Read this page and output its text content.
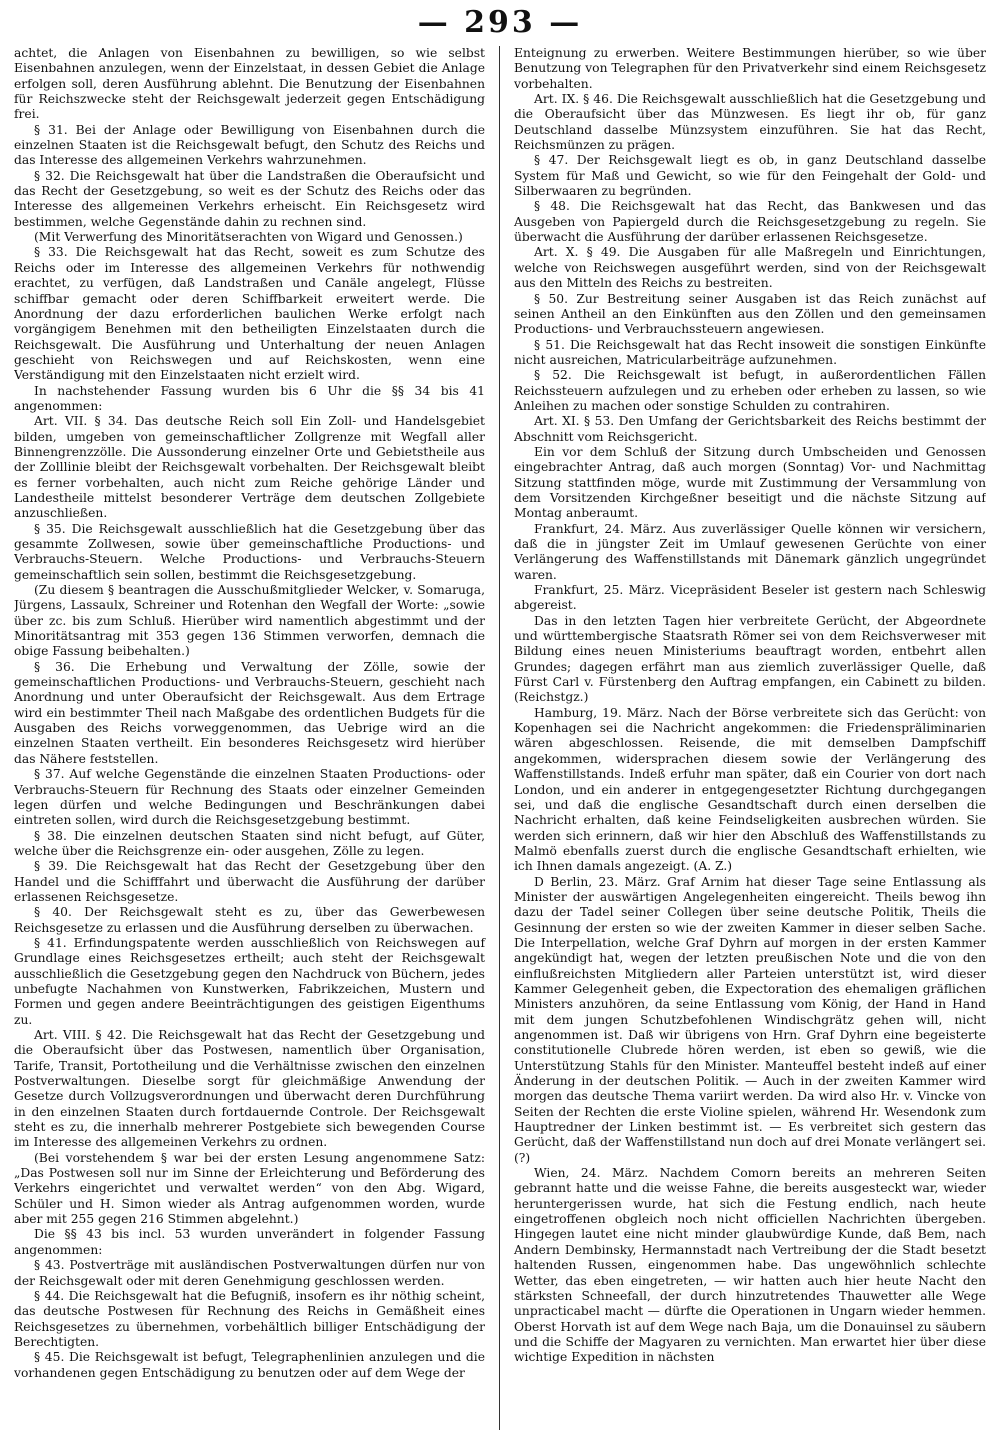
— 293 —

achtet, die Anlagen von Eisenbahnen zu bewilligen, so wie selbst Eisenbahnen anzulegen, wenn der Einzelstaat, in dessen Gebiet die Anlage erfolgen soll, deren Ausführung ablehnt. Die Benutzung der Eisenbahnen für Reichszwecke steht der Reichsgewalt jederzeit gegen Entschädigung frei.

§ 31. Bei der Anlage oder Bewilligung von Eisenbahnen durch die einzelnen Staaten ist die Reichsgewalt befugt, den Schutz des Reichs und das Interesse des allgemeinen Verkehrs wahrzunehmen.

§ 32. Die Reichsgewalt hat über die Landstraßen die Oberaufsicht und das Recht der Gesetzgebung, so weit es der Schutz des Reichs oder das Interesse des allgemeinen Verkehrs erheischt. Ein Reichsgesetz wird bestimmen, welche Gegenstände dahin zu rechnen sind.

(Mit Verwerfung des Minoritätserachten von Wigard und Genossen.)

§ 33. Die Reichsgewalt hat das Recht, soweit es zum Schutze des Reichs oder im Interesse des allgemeinen Verkehrs für nothwendig erachtet, zu verfügen, daß Landstraßen und Canäle angelegt, Flüsse schiffbar gemacht oder deren Schiffbarkeit erweitert werde. Die Anordnung der dazu erforderlichen baulichen Werke erfolgt nach vorgängigem Benehmen mit den betheiligten Einzelstaaten durch die Reichsgewalt. Die Ausführung und Unterhaltung der neuen Anlagen geschieht von Reichswegen und auf Reichskosten, wenn eine Verständigung mit den Einzelstaaten nicht erzielt wird.

In nachstehender Fassung wurden bis 6 Uhr die §§ 34 bis 41 angenommen:

Art. VII. § 34. Das deutsche Reich soll Ein Zoll- und Handelsgebiet bilden, umgeben von gemeinschaftlicher Zollgrenze mit Wegfall aller Binnengrenzzölle. Die Aussonderung einzelner Orte und Gebietstheile aus der Zolllinie bleibt der Reichsgewalt vorbehalten. Der Reichsgewalt bleibt es ferner vorbehalten, auch nicht zum Reiche gehörige Länder und Landestheile mittelst besonderer Verträge dem deutschen Zollgebiete anzuschließen.

§ 35. Die Reichsgewalt ausschließlich hat die Gesetzgebung über das gesammte Zollwesen, sowie über gemeinschaftliche Productions- und Verbrauchs-Steuern. Welche Productions- und Verbrauchs-Steuern gemeinschaftlich sein sollen, bestimmt die Reichsgesetzgebung.

(Zu diesem § beantragen die Ausschußmitglieder Welcker, v. Somaruga, Jürgens, Lassaulx, Schreiner und Rotenhan den Wegfall der Worte: „sowie über zc. bis zum Schluß. Hierüber wird namentlich abgestimmt und der Minoritätsantrag mit 353 gegen 136 Stimmen verworfen, demnach die obige Fassung beibehalten.)

§ 36. Die Erhebung und Verwaltung der Zölle, sowie der gemeinschaftlichen Productions- und Verbrauchs-Steuern, geschieht nach Anordnung und unter Oberaufsicht der Reichsgewalt. Aus dem Ertrage wird ein bestimmter Theil nach Maßgabe des ordentlichen Budgets für die Ausgaben des Reichs vorweggenommen, das Uebrige wird an die einzelnen Staaten vertheilt. Ein besonderes Reichsgesetz wird hierüber das Nähere feststellen.

§ 37. Auf welche Gegenstände die einzelnen Staaten Productions- oder Verbrauchs-Steuern für Rechnung des Staats oder einzelner Gemeinden legen dürfen und welche Bedingungen und Beschränkungen dabei eintreten sollen, wird durch die Reichsgesetzgebung bestimmt.

§ 38. Die einzelnen deutschen Staaten sind nicht befugt, auf Güter, welche über die Reichsgrenze ein- oder ausgehen, Zölle zu legen.

§ 39. Die Reichsgewalt hat das Recht der Gesetzgebung über den Handel und die Schifffahrt und überwacht die Ausführung der darüber erlassenen Reichsgesetze.

§ 40. Der Reichsgewalt steht es zu, über das Gewerbewesen Reichsgesetze zu erlassen und die Ausführung derselben zu überwachen.

§ 41. Erfindungspatente werden ausschließlich von Reichswegen auf Grundlage eines Reichsgesetzes ertheilt; auch steht der Reichsgewalt ausschließlich die Gesetzgebung gegen den Nachdruck von Büchern, jedes unbefugte Nachahmen von Kunstwerken, Fabrikzeichen, Mustern und Formen und gegen andere Beeinträchtigungen des geistigen Eigenthums zu.

Art. VIII. § 42. Die Reichsgewalt hat das Recht der Gesetzgebung und die Oberaufsicht über das Postwesen, namentlich über Organisation, Tarife, Transit, Portotheilung und die Verhältnisse zwischen den einzelnen Postverwaltungen. Dieselbe sorgt für gleichmäßige Anwendung der Gesetze durch Vollzugsverordnungen und überwacht deren Durchführung in den einzelnen Staaten durch fortdauernde Controle. Der Reichsgewalt steht es zu, die innerhalb mehrerer Postgebiete sich bewegenden Course im Interesse des allgemeinen Verkehrs zu ordnen.

(Bei vorstehendem § war bei der ersten Lesung angenommene Satz: „Das Postwesen soll nur im Sinne der Erleichterung und Beförderung des Verkehrs eingerichtet und verwaltet werden“ von den Abg. Wigard, Schüler und H. Simon wieder als Antrag aufgenommen worden, wurde aber mit 255 gegen 216 Stimmen abgelehnt.)

Die §§ 43 bis incl. 53 wurden unverändert in folgender Fassung angenommen:

§ 43. Postverträge mit ausländischen Postverwaltungen dürfen nur von der Reichsgewalt oder mit deren Genehmigung geschlossen werden.

§ 44. Die Reichsgewalt hat die Befugniß, insofern es ihr nöthig scheint, das deutsche Postwesen für Rechnung des Reichs in Gemäßheit eines Reichsgesetzes zu übernehmen, vorbehältlich billiger Entschädigung der Berechtigten.

§ 45. Die Reichsgewalt ist befugt, Telegraphenlinien anzulegen und die vorhandenen gegen Entschädigung zu benutzen oder auf dem Wege der

Enteignung zu erwerben. Weitere Bestimmungen hierüber, so wie über Benutzung von Telegraphen für den Privatverkehr sind einem Reichsgesetz vorbehalten.

Art. IX. § 46. Die Reichsgewalt ausschließlich hat die Gesetzgebung und die Oberaufsicht über das Münzwesen. Es liegt ihr ob, für ganz Deutschland dasselbe Münzsystem einzuführen. Sie hat das Recht, Reichsmünzen zu prägen.

§ 47. Der Reichsgewalt liegt es ob, in ganz Deutschland dasselbe System für Maß und Gewicht, so wie für den Feingehalt der Gold- und Silberwaaren zu begründen.

§ 48. Die Reichsgewalt hat das Recht, das Bankwesen und das Ausgeben von Papiergeld durch die Reichsgesetzgebung zu regeln. Sie überwacht die Ausführung der darüber erlassenen Reichsgesetze.

Art. X. § 49. Die Ausgaben für alle Maßregeln und Einrichtungen, welche von Reichswegen ausgeführt werden, sind von der Reichsgewalt aus den Mitteln des Reichs zu bestreiten.

§ 50. Zur Bestreitung seiner Ausgaben ist das Reich zunächst auf seinen Antheil an den Einkünften aus den Zöllen und den gemeinsamen Productions- und Verbrauchssteuern angewiesen.

§ 51. Die Reichsgewalt hat das Recht insoweit die sonstigen Einkünfte nicht ausreichen, Matricularbeiträge aufzunehmen.

§ 52. Die Reichsgewalt ist befugt, in außerordentlichen Fällen Reichssteuern aufzulegen und zu erheben oder erheben zu lassen, so wie Anleihen zu machen oder sonstige Schulden zu contrahiren.

Art. XI. § 53. Den Umfang der Gerichtsbarkeit des Reichs bestimmt der Abschnitt vom Reichsgericht.

Ein vor dem Schluß der Sitzung durch Umbscheiden und Genossen eingebrachter Antrag, daß auch morgen (Sonntag) Vor- und Nachmittag Sitzung stattfinden möge, wurde mit Zustimmung der Versammlung von dem Vorsitzenden Kirchgeßner beseitigt und die nächste Sitzung auf Montag anberaumt.

Frankfurt, 24. März. Aus zuverlässiger Quelle können wir versichern, daß die in jüngster Zeit im Umlauf gewesenen Gerüchte von einer Verlängerung des Waffenstillstands mit Dänemark gänzlich ungegründet waren.

Frankfurt, 25. März. Vicepräsident Beseler ist gestern nach Schleswig abgereist.

Das in den letzten Tagen hier verbreitete Gerücht, der Abgeordnete und württembergische Staatsrath Römer sei von dem Reichsverweser mit Bildung eines neuen Ministeriums beauftragt worden, entbehrt allen Grundes; dagegen erfährt man aus ziemlich zuverlässiger Quelle, daß Fürst Carl v. Fürstenberg den Auftrag empfangen, ein Cabinett zu bilden. (Reichstgz.)

Hamburg, 19. März. Nach der Börse verbreitete sich das Gerücht: von Kopenhagen sei die Nachricht angekommen: die Friedenspräliminarien wären abgeschlossen. Reisende, die mit demselben Dampfschiff angekommen, widersprachen diesem sowie der Verlängerung des Waffenstillstands. Indeß erfuhr man später, daß ein Courier von dort nach London, und ein anderer in entgegengesetzter Richtung durchgegangen sei, und daß die englische Gesandtschaft durch einen derselben die Nachricht erhalten, daß keine Feindseligkeiten ausbrechen würden. Sie werden sich erinnern, daß wir hier den Abschluß des Waffenstillstands zu Malmö ebenfalls zuerst durch die englische Gesandtschaft erhielten, wie ich Ihnen damals angezeigt. (A. Z.)

D Berlin, 23. März. Graf Arnim hat dieser Tage seine Entlassung als Minister der auswärtigen Angelegenheiten eingereicht. Theils bewog ihn dazu der Tadel seiner Collegen über seine deutsche Politik, Theils die Gesinnung der ersten so wie der zweiten Kammer in dieser selben Sache. Die Interpellation, welche Graf Dyhrn auf morgen in der ersten Kammer angekündigt hat, wegen der letzten preußischen Note und die von den einflußreichsten Mitgliedern aller Parteien unterstützt ist, wird dieser Kammer Gelegenheit geben, die Expectoration des ehemaligen gräflichen Ministers anzuhören, da seine Entlassung vom König, der Hand in Hand mit dem jungen Schutzbefohlenen Windischgrätz gehen will, nicht angenommen ist. Daß wir übrigens von Hrn. Graf Dyhrn eine begeisterte constitutionelle Clubrede hören werden, ist eben so gewiß, wie die Unterstützung Stahls für den Minister. Manteuffel besteht indeß auf einer Änderung in der deutschen Politik. — Auch in der zweiten Kammer wird morgen das deutsche Thema variirt werden. Da wird also Hr. v. Vincke von Seiten der Rechten die erste Violine spielen, während Hr. Wesendonk zum Hauptredner der Linken bestimmt ist. — Es verbreitet sich gestern das Gerücht, daß der Waffenstillstand nun doch auf drei Monate verlängert sei. (?)

Wien, 24. März. Nachdem Comorn bereits an mehreren Seiten gebrannt hatte und die weisse Fahne, die bereits ausgesteckt war, wieder heruntergerissen wurde, hat sich die Festung endlich, nach heute eingetroffenen obgleich noch nicht officiellen Nachrichten übergeben. Hingegen lautet eine nicht minder glaubwürdige Kunde, daß Bem, nach Andern Dembinsky, Hermannstadt nach Vertreibung der die Stadt besetzt haltenden Russen, eingenommen habe. Das ungewöhnlich schlechte Wetter, das eben eingetreten, — wir hatten auch hier heute Nacht den stärksten Schneefall, der durch hinzutretendes Thauwetter alle Wege unpracticabel macht — dürfte die Operationen in Ungarn wieder hemmen. Oberst Horvath ist auf dem Wege nach Baja, um die Donauinsel zu säubern und die Schiffe der Magyaren zu vernichten. Man erwartet hier über diese wichtige Expedition in nächsten
